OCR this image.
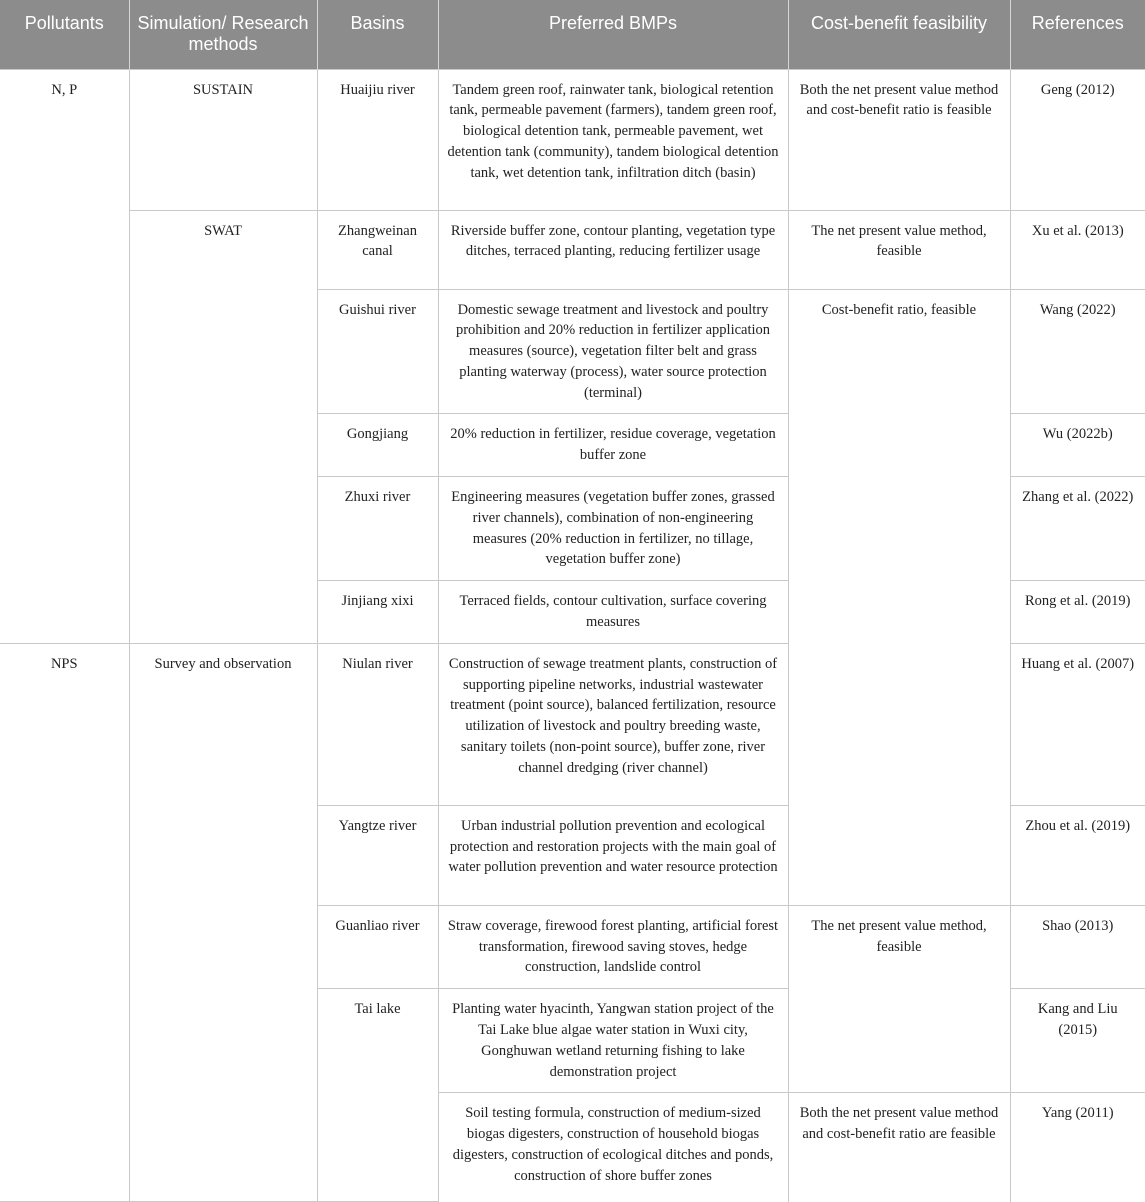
Pollutants	Simulation/ Research methods	Basins	Preferred BMPs	Cost-benefit feasibility	References
N, P	SUSTAIN	Huaijiu river	Tandem green roof, rainwater tank, biological retention tank, permeable pavement (farmers), tandem green roof, biological detention tank, permeable pavement, wet detention tank (community), tandem biological detention tank, wet detention tank, infiltration ditch (basin)	Both the net present value method and cost-benefit ratio is feasible	Geng (2012)
	SWAT	Zhangweinan canal	Riverside buffer zone, contour planting, vegetation type ditches, terraced planting, reducing fertilizer usage	The net present value method, feasible	Xu et al. (2013)
		Guishui river	Domestic sewage treatment and livestock and poultry prohibition and 20% reduction in fertilizer application measures (source), vegetation filter belt and grass planting waterway (process), water source protection (terminal)	Cost-benefit ratio, feasible	Wang (2022)
		Gongjiang	20% reduction in fertilizer, residue coverage, vegetation buffer zone		Wu (2022b)
		Zhuxi river	Engineering measures (vegetation buffer zones, grassed river channels), combination of non-engineering measures (20% reduction in fertilizer, no tillage, vegetation buffer zone)		Zhang et al. (2022)
		Jinjiang xixi	Terraced fields, contour cultivation, surface covering measures		Rong et al. (2019)
NPS	Survey and observation	Niulan river	Construction of sewage treatment plants, construction of supporting pipeline networks, industrial wastewater treatment (point source), balanced fertilization, resource utilization of livestock and poultry breeding waste, sanitary toilets (non-point source), buffer zone, river channel dredging (river channel)		Huang et al. (2007)
		Yangtze river	Urban industrial pollution prevention and ecological protection and restoration projects with the main goal of water pollution prevention and water resource protection		Zhou et al. (2019)
		Guanliao river	Straw coverage, firewood forest planting, artificial forest transformation, firewood saving stoves, hedge construction, landslide control	The net present value method, feasible	Shao (2013)
		Tai lake	Planting water hyacinth, Yangwan station project of the Tai Lake blue algae water station in Wuxi city, Gonghuwan wetland returning fishing to lake demonstration project		Kang and Liu (2015)
			Soil testing formula, construction of medium-sized biogas digesters, construction of household biogas digesters, construction of ecological ditches and ponds, construction of shore buffer zones	Both the net present value method and cost-benefit ratio are feasible	Yang (2011)
